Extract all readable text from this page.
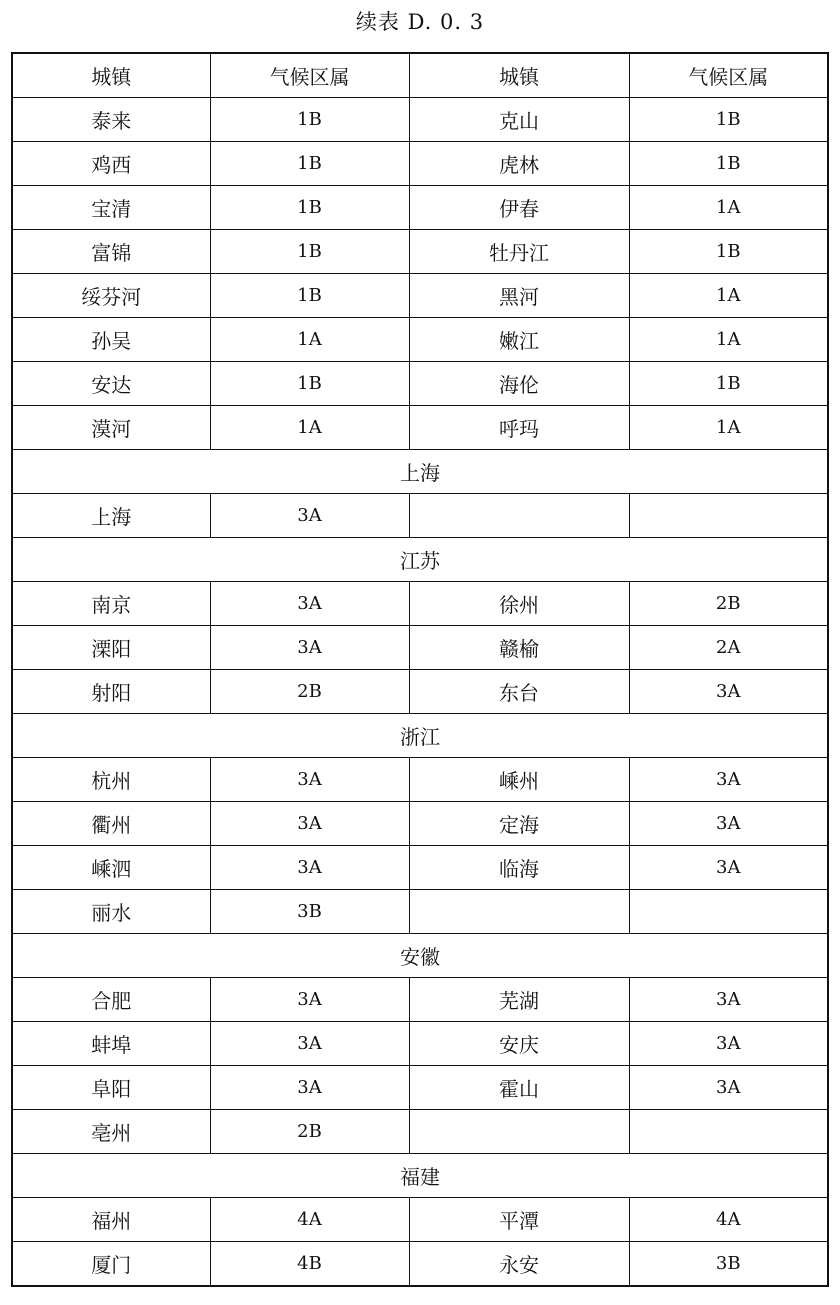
续表 D. 0. 3
城镇	气候区属	城镇	气候区属
泰来	1B	克山	1B
鸡西	1B	虎林	1B
宝清	1B	伊春	1A
富锦	1B	牡丹江	1B
绥芬河	1B	黑河	1A
孙吴	1A	嫩江	1A
安达	1B	海伦	1B
漠河	1A	呼玛	1A
上海			
上海	3A		
江苏			
南京	3A	徐州	2B
溧阳	3A	赣榆	2A
射阳	2B	东台	3A
浙江			
杭州	3A	嵊州	3A
衢州	3A	定海	3A
嵊泗	3A	临海	3A
丽水	3B		
安徽			
合肥	3A	芜湖	3A
蚌埠	3A	安庆	3A
阜阳	3A	霍山	3A
亳州	2B		
福建			
福州	4A	平潭	4A
厦门	4B	永安	3B
